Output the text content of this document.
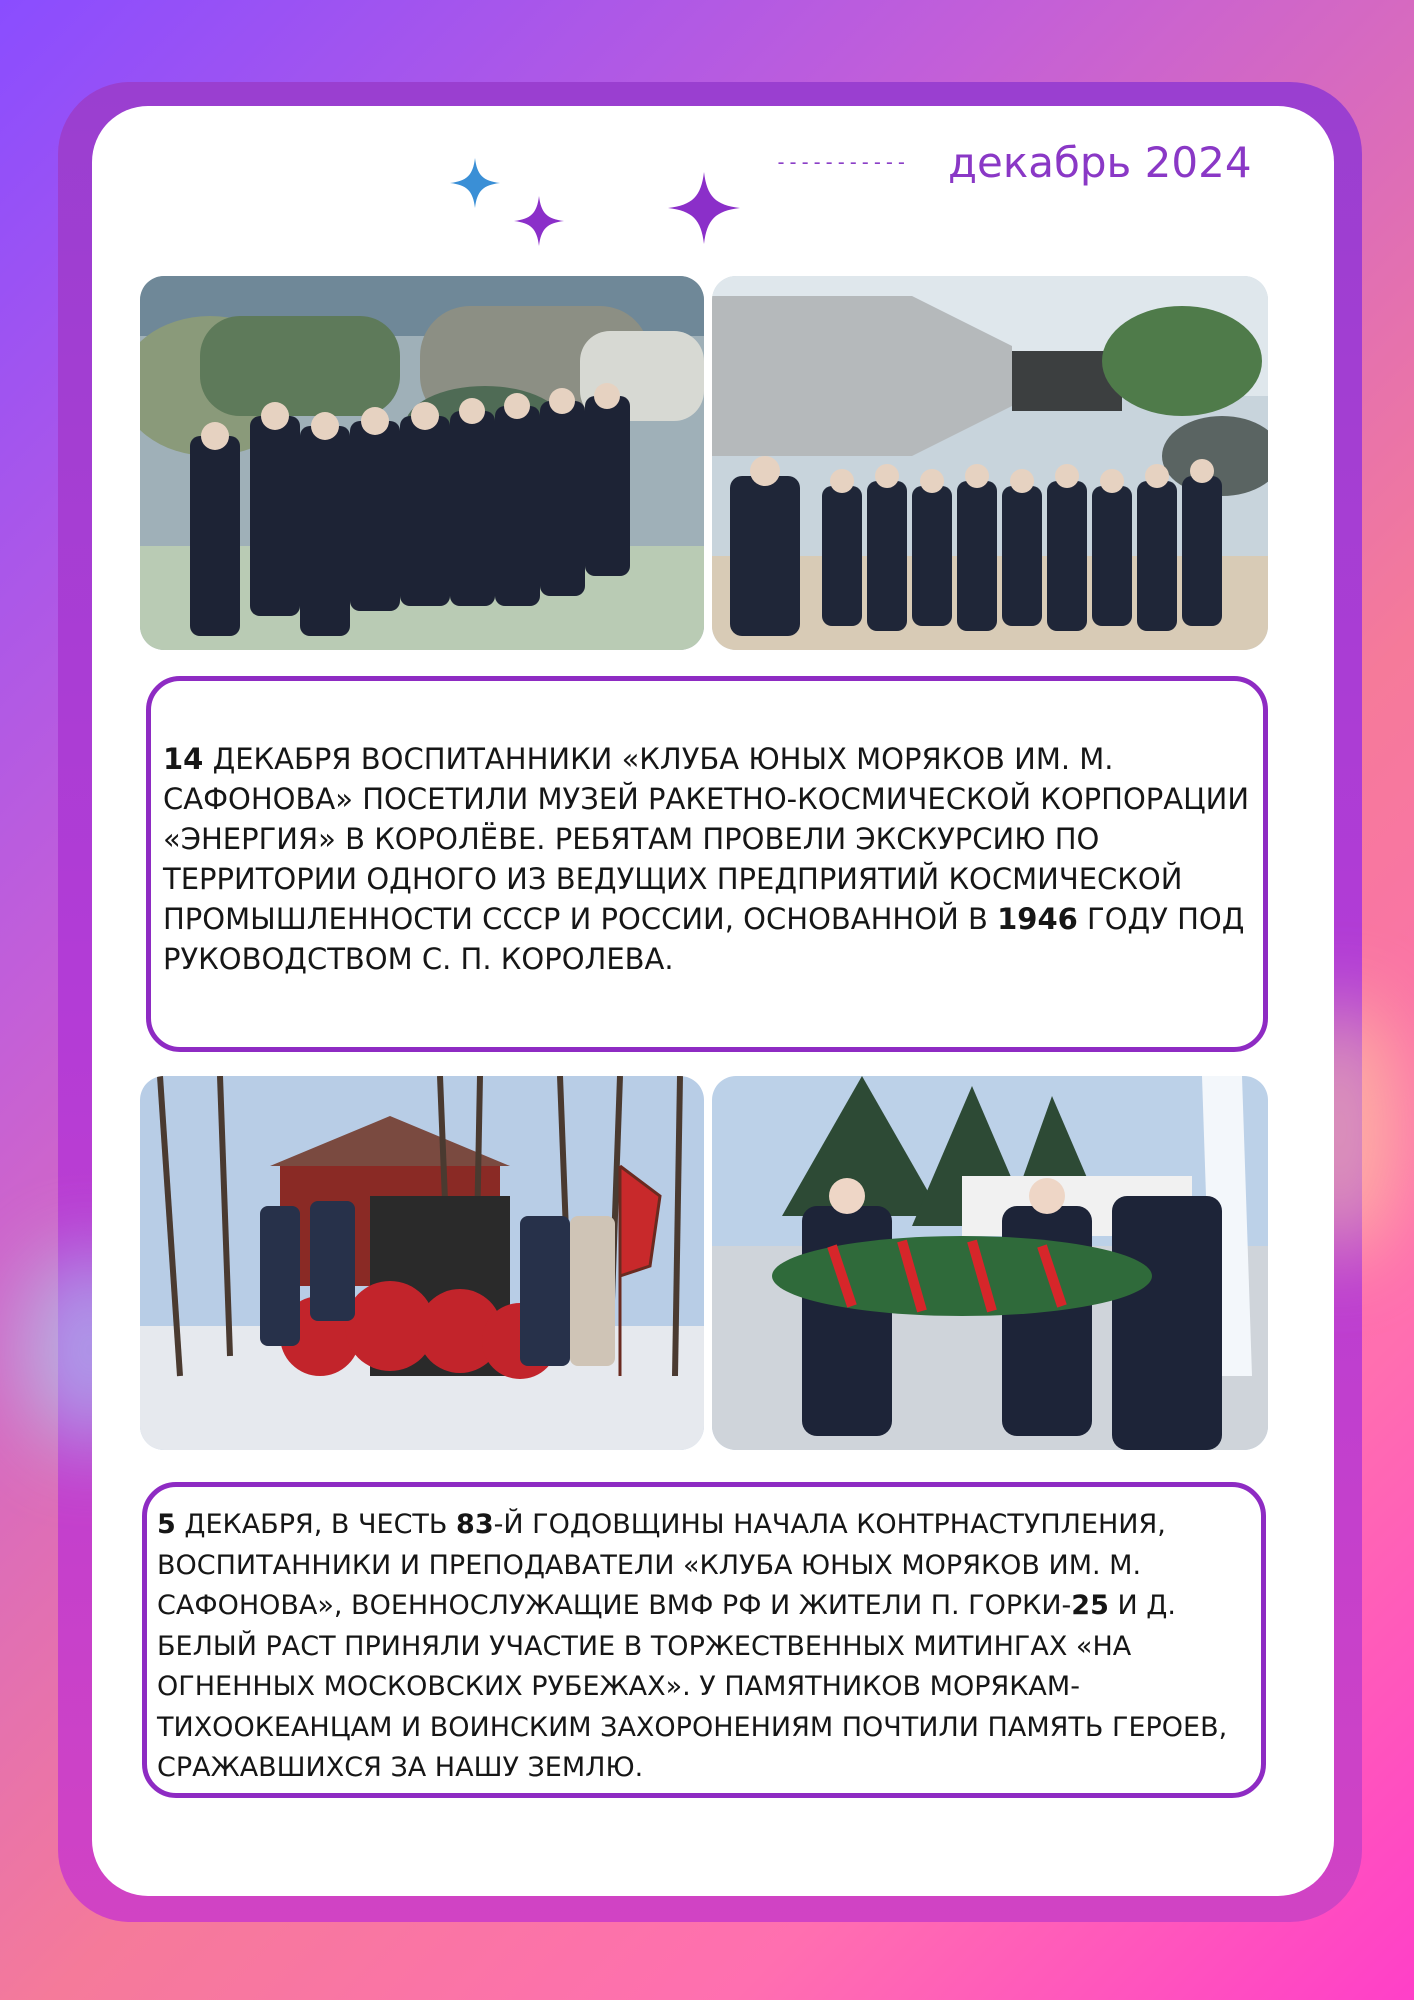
----------- декабрь 2024

14 ДЕКАБРЯ ВОСПИТАННИКИ «КЛУБА ЮНЫХ МОРЯКОВ ИМ. М. САФОНОВА» ПОСЕТИЛИ МУЗЕЙ РАКЕТНО-КОСМИЧЕСКОЙ КОРПОРАЦИИ «ЭНЕРГИЯ» В КОРОЛЁВЕ. РЕБЯТАМ ПРОВЕЛИ ЭКСКУРСИЮ ПО ТЕРРИТОРИИ ОДНОГО ИЗ ВЕДУЩИХ ПРЕДПРИЯТИЙ КОСМИЧЕСКОЙ ПРОМЫШЛЕННОСТИ СССР И РОССИИ, ОСНОВАННОЙ В 1946 ГОДУ ПОД РУКОВОДСТВОМ С. П. КОРОЛЕВА.

5 ДЕКАБРЯ, В ЧЕСТЬ 83-Й ГОДОВЩИНЫ НАЧАЛА КОНТРНАСТУПЛЕНИЯ, ВОСПИТАННИКИ И ПРЕПОДАВАТЕЛИ «КЛУБА ЮНЫХ МОРЯКОВ ИМ. М. САФОНОВА», ВОЕННОСЛУЖАЩИЕ ВМФ РФ И ЖИТЕЛИ П. ГОРКИ-25 И Д. БЕЛЫЙ РАСТ ПРИНЯЛИ УЧАСТИЕ В ТОРЖЕСТВЕННЫХ МИТИНГАХ «НА ОГНЕННЫХ МОСКОВСКИХ РУБЕЖАХ». У ПАМЯТНИКОВ МОРЯКАМ-ТИХООКЕАНЦАМ И ВОИНСКИМ ЗАХОРОНЕНИЯМ ПОЧТИЛИ ПАМЯТЬ ГЕРОЕВ, СРАЖАВШИХСЯ ЗА НАШУ ЗЕМЛЮ.
